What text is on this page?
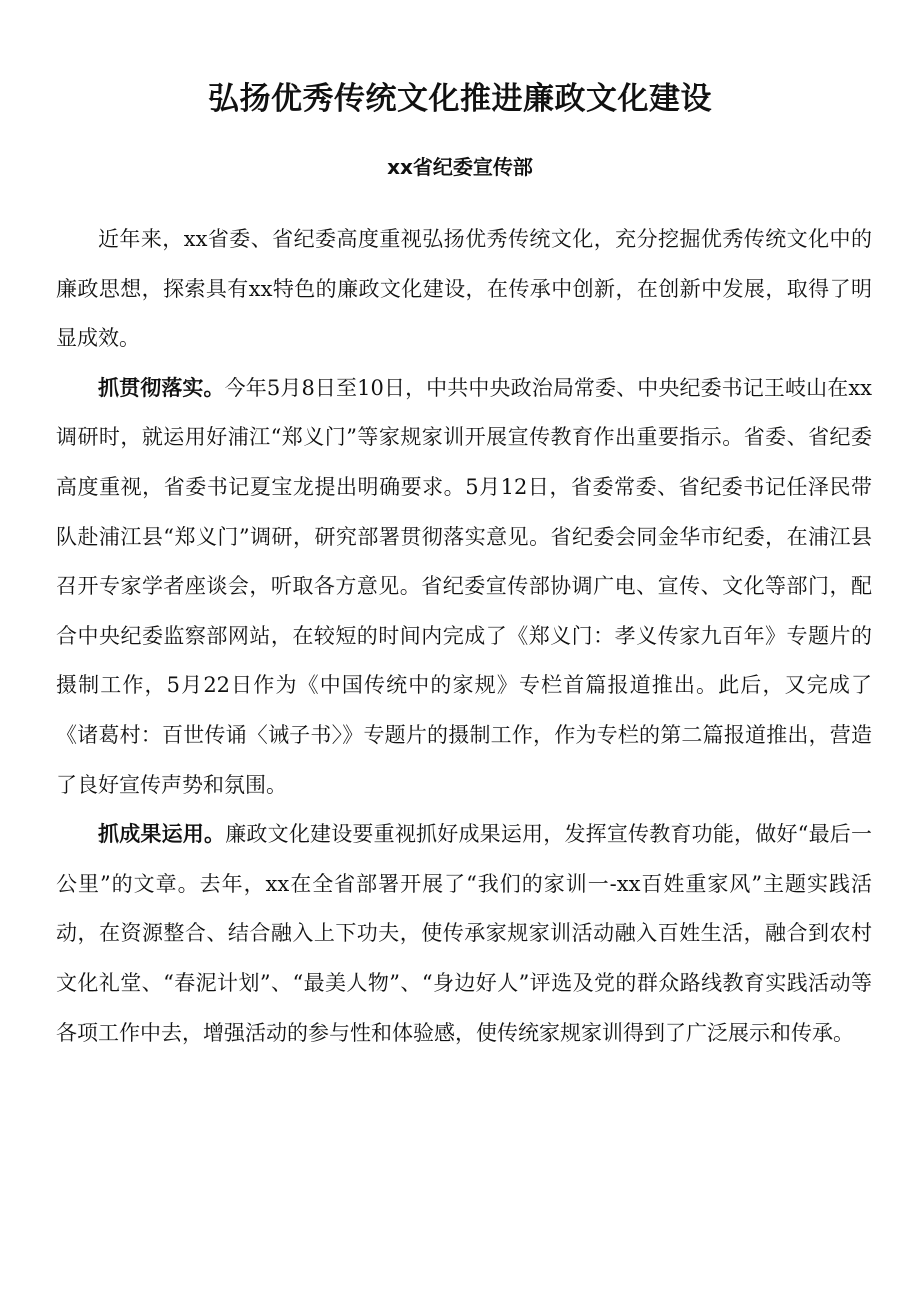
弘扬优秀传统文化推进廉政文化建设
xx省纪委宣传部

近年来，xx省委、省纪委高度重视弘扬优秀传统文化，充分挖掘优秀传统文化中的廉政思想，探索具有xx特色的廉政文化建设，在传承中创新，在创新中发展，取得了明显成效。

抓贯彻落实。今年5月8日至10日，中共中央政治局常委、中央纪委书记王岐山在xx调研时，就运用好浦江“郑义门”等家规家训开展宣传教育作出重要指示。省委、省纪委高度重视，省委书记夏宝龙提出明确要求。5月12日，省委常委、省纪委书记任泽民带队赴浦江县“郑义门”调研，研究部署贯彻落实意见。省纪委会同金华市纪委，在浦江县召开专家学者座谈会，听取各方意见。省纪委宣传部协调广电、宣传、文化等部门，配合中央纪委监察部网站，在较短的时间内完成了《郑义门：孝义传家九百年》专题片的摄制工作，5月22日作为《中国传统中的家规》专栏首篇报道推出。此后，又完成了《诸葛村：百世传诵〈诫子书〉》专题片的摄制工作，作为专栏的第二篇报道推出，营造了良好宣传声势和氛围。

抓成果运用。廉政文化建设要重视抓好成果运用，发挥宣传教育功能，做好“最后一公里”的文章。去年，xx在全省部署开展了“我们的家训一-xx百姓重家风”主题实践活动，在资源整合、结合融入上下功夫，使传承家规家训活动融入百姓生活，融合到农村文化礼堂、“春泥计划”、“最美人物”、“身边好人”评选及党的群众路线教育实践活动等各项工作中去，增强活动的参与性和体验感，使传统家规家训得到了广泛展示和传承。
